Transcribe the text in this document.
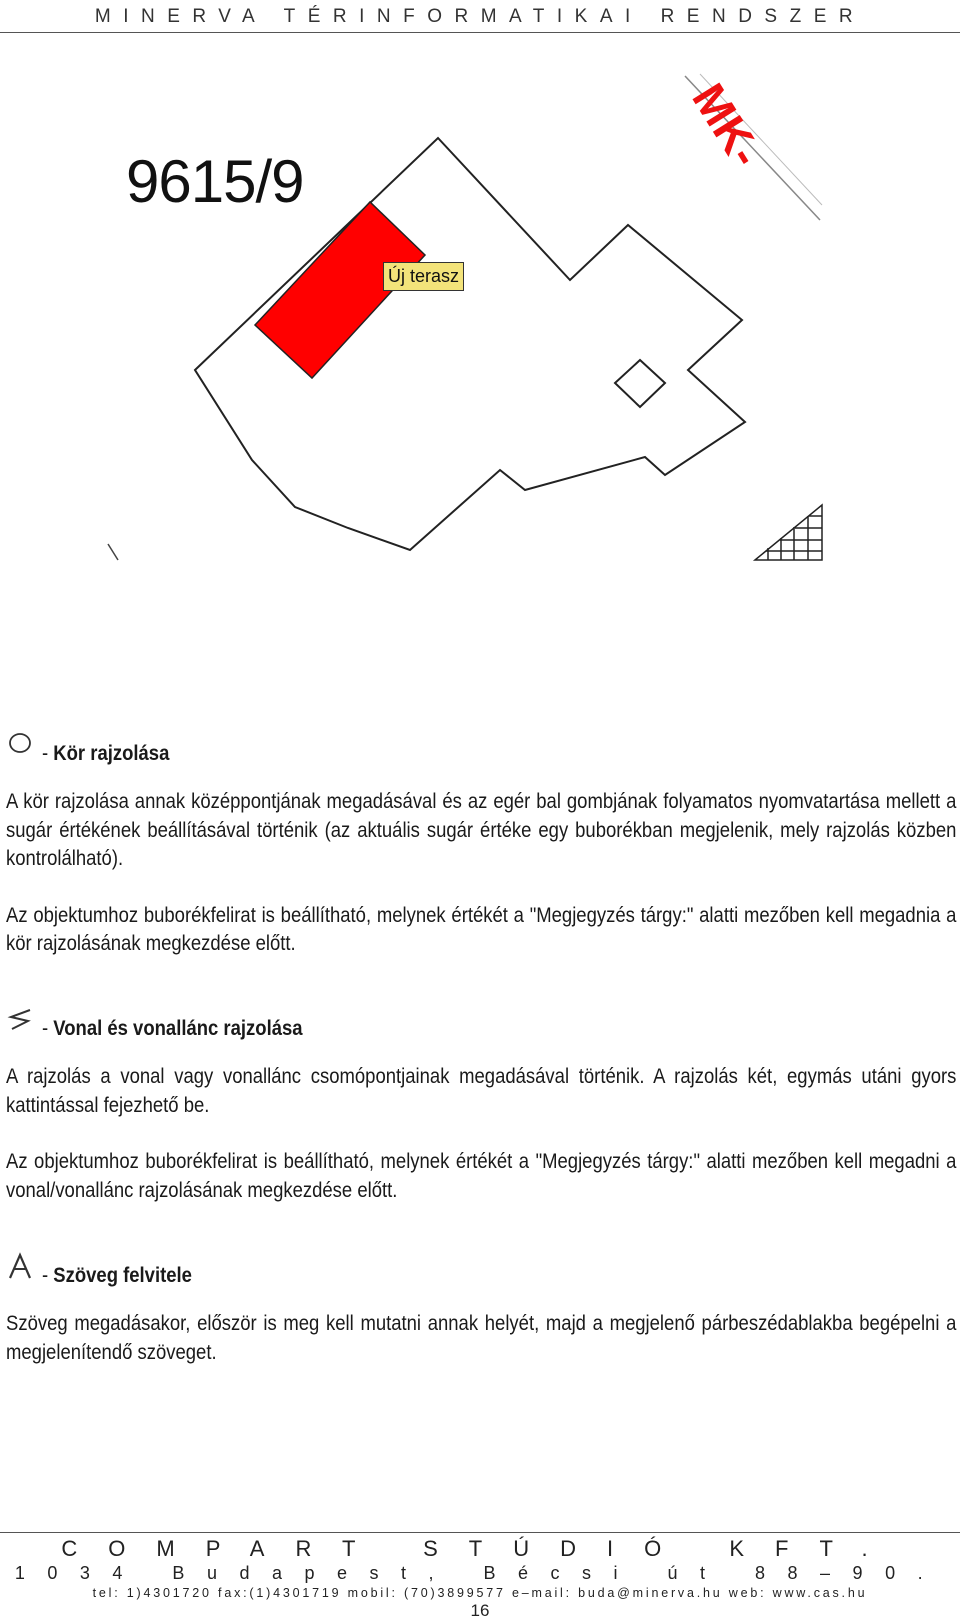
MINERVA TÉRINFORMATIKAI RENDSZER
9615/9
Új terasz
MK-
- Kör rajzolása

A kör rajzolása annak középpontjának megadásával és az egér bal gombjának folyamatos nyomvatartása mellett a sugár értékének beállításával történik (az aktuális sugár értéke egy buborékban megjelenik, mely rajzolás közben kontrolálható).

Az objektumhoz buborékfelirat is beállítható, melynek értékét a "Megjegyzés tárgy:" alatti mezőben kell megadnia a kör rajzolásának megkezdése előtt.

- Vonal és vonallánc rajzolása

A rajzolás a vonal vagy vonallánc csomópontjainak megadásával történik. A rajzolás két, egymás utáni gyors kattintással fejezhető be.

Az objektumhoz buborékfelirat is beállítható, melynek értékét a "Megjegyzés tárgy:" alatti mezőben kell megadni a vonal/vonallánc rajzolásának megkezdése előtt.

- Szöveg felvitele

Szöveg megadásakor, először is meg kell mutatni annak helyét, majd a megjelenő párbeszédablakba begépelni a megjelenítendő szöveget.

COMPART STÚDIÓ KFT.
1034 Budapest, Bécsi út 88–90.
tel: 1)4301720 fax:(1)4301719 mobil: (70)3899577 e–mail: buda@minerva.hu web: www.cas.hu
16
